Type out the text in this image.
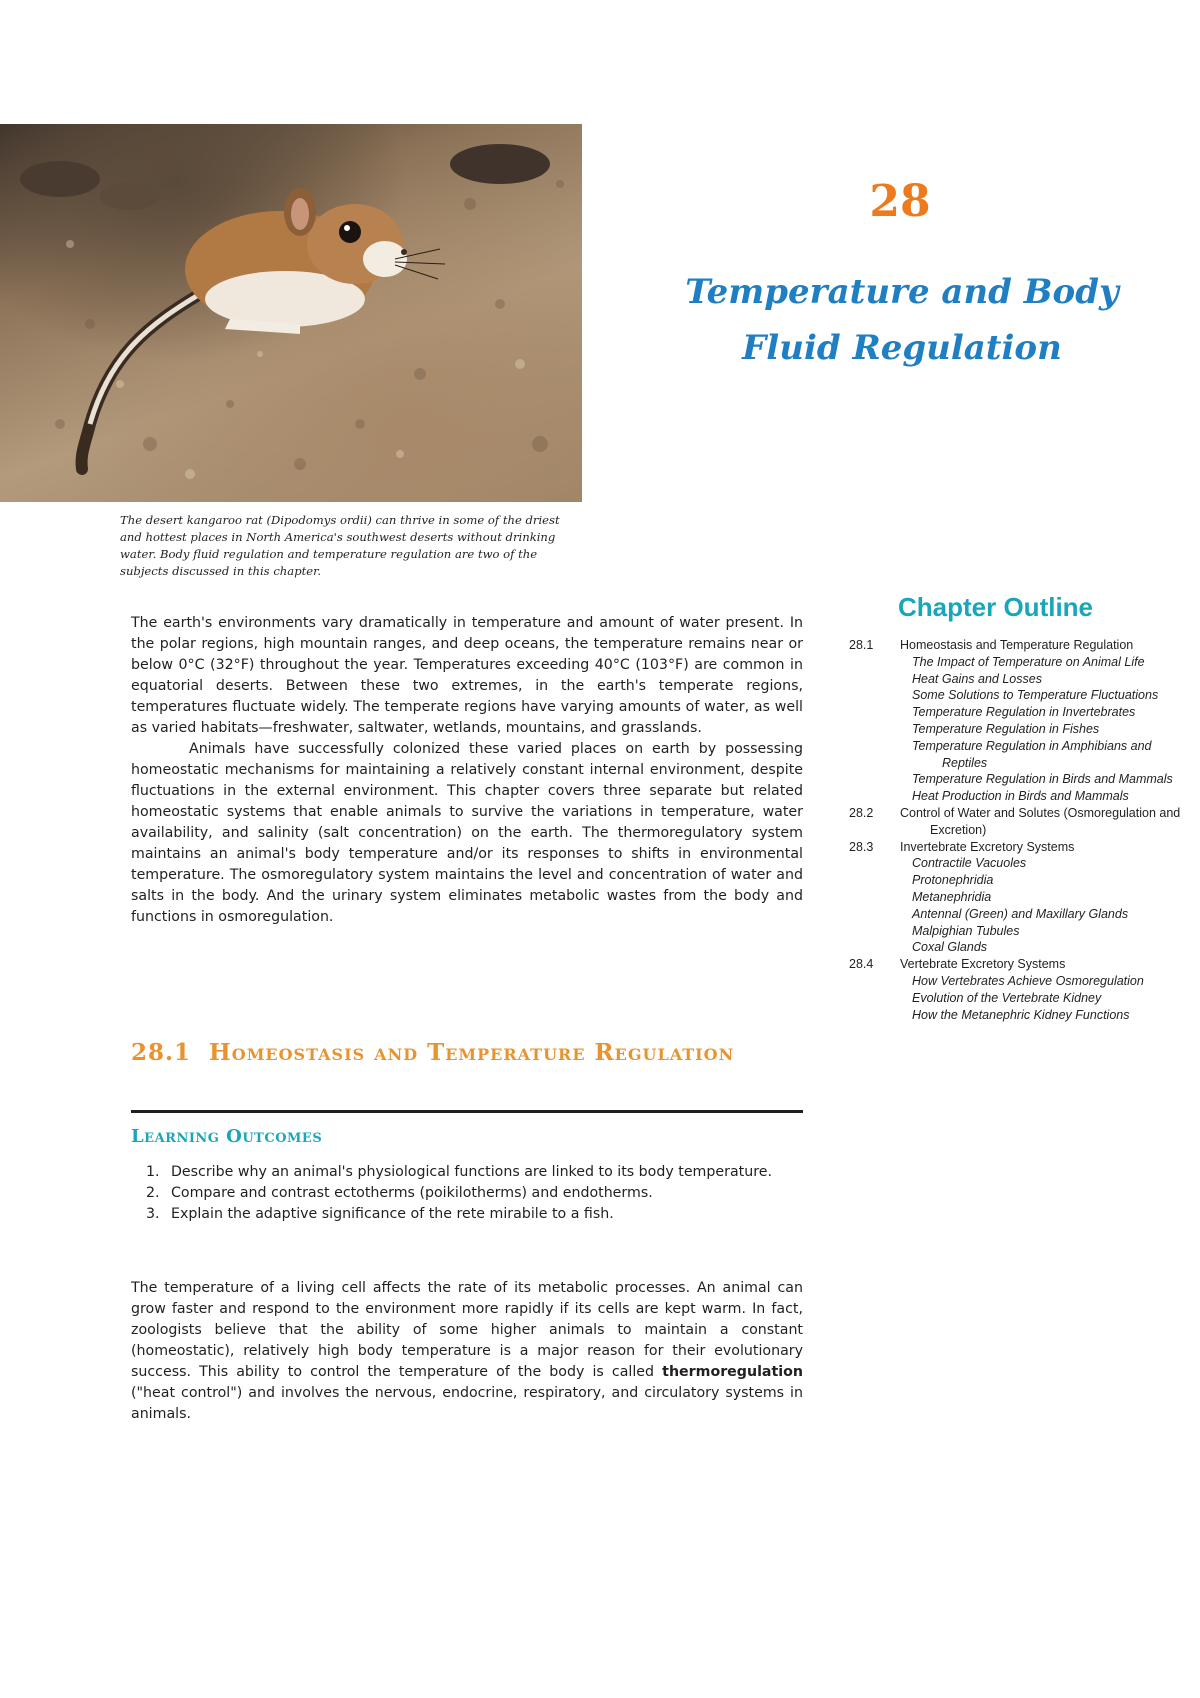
The desert kangaroo rat (Dipodomys ordii) can thrive in some of the driest and hottest places in North America's southwest deserts without drinking water. Body fluid regulation and temperature regulation are two of the subjects discussed in this chapter.

28
Temperature and Body
Fluid Regulation
Chapter Outline
28.1	Homeostasis and Temperature Regulation
The Impact of Temperature on Animal Life
Heat Gains and Losses
Some Solutions to Temperature Fluctuations
Temperature Regulation in Invertebrates
Temperature Regulation in Fishes
Temperature Regulation in Amphibians and Reptiles
Temperature Regulation in Birds and Mammals
Heat Production in Birds and Mammals
28.2	Control of Water and Solutes (Osmoregulation and Excretion)
28.3	Invertebrate Excretory Systems
Contractile Vacuoles
Protonephridia
Metanephridia
Antennal (Green) and Maxillary Glands
Malpighian Tubules
Coxal Glands
28.4	Vertebrate Excretory Systems
How Vertebrates Achieve Osmoregulation
Evolution of the Vertebrate Kidney
How the Metanephric Kidney Functions

The earth's environments vary dramatically in temperature and amount of water present. In the polar regions, high mountain ranges, and deep oceans, the temperature remains near or below 0°C (32°F) throughout the year. Temperatures exceeding 40°C (103°F) are common in equatorial deserts. Between these two extremes, in the earth's temperate regions, temperatures fluctuate widely. The temperate regions have varying amounts of water, as well as varied habitats—freshwater, saltwater, wetlands, mountains, and grasslands.

Animals have successfully colonized these varied places on earth by possessing homeostatic mechanisms for maintaining a relatively constant internal environment, despite fluctuations in the external environment. This chapter covers three separate but related homeostatic systems that enable animals to survive the variations in temperature, water availability, and salinity (salt concentration) on the earth. The thermoregulatory system maintains an animal's body temperature and/or its responses to shifts in environmental temperature. The osmoregulatory system maintains the level and concentration of water and salts in the body. And the urinary system eliminates metabolic wastes from the body and functions in osmoregulation.

28.1 Homeostasis and Temperature Regulation
Learning Outcomes
1. Describe why an animal's physiological functions are linked to its body temperature.
2. Compare and contrast ectotherms (poikilotherms) and endotherms.
3. Explain the adaptive significance of the rete mirabile to a fish.

The temperature of a living cell affects the rate of its metabolic processes. An animal can grow faster and respond to the environment more rapidly if its cells are kept warm. In fact, zoologists believe that the ability of some higher animals to maintain a constant (homeostatic), relatively high body temperature is a major reason for their evolutionary success. This ability to control the temperature of the body is called thermoregulation ("heat control") and involves the nervous, endocrine, respiratory, and circulatory systems in animals.
